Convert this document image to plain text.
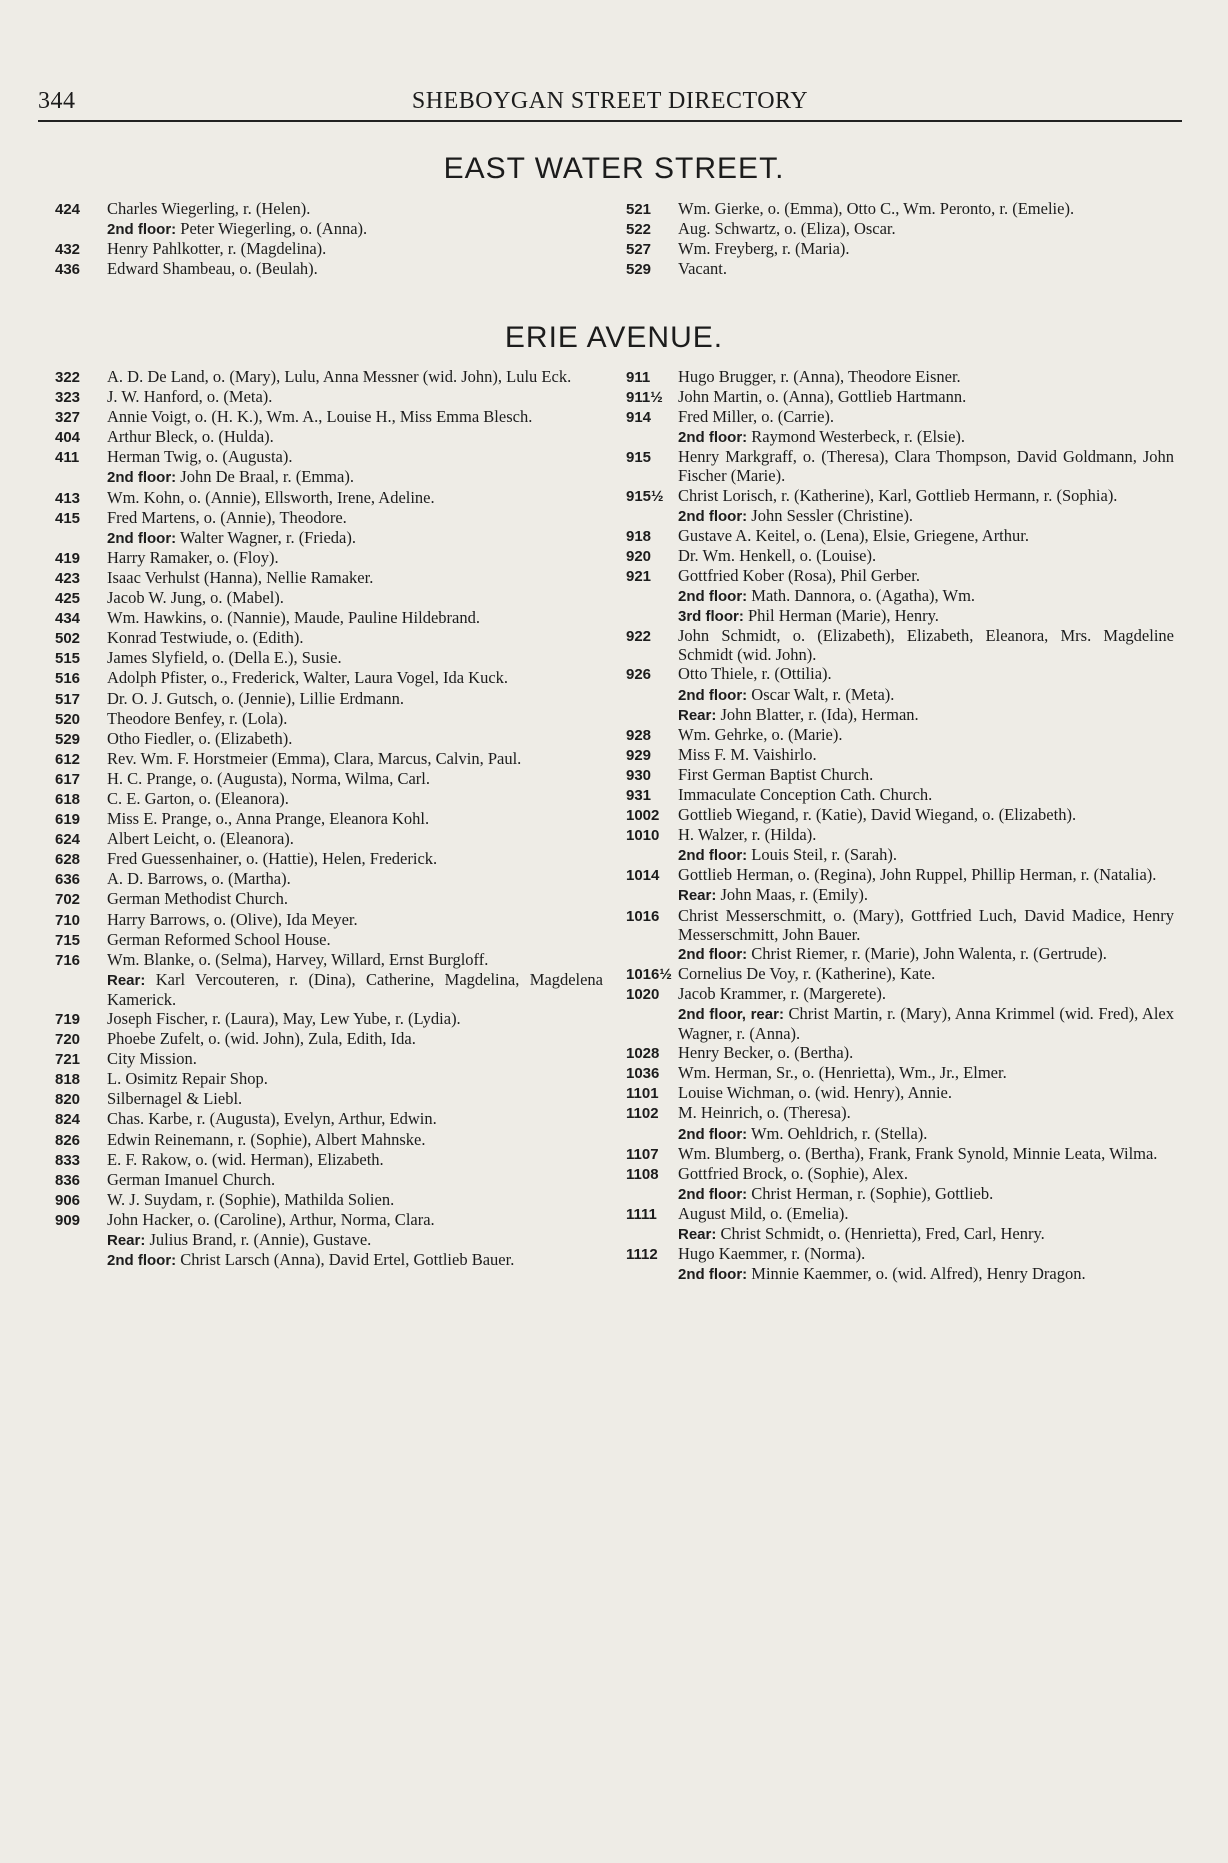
344	SHEBOYGAN STREET DIRECTORY
EAST WATER STREET.
424	Charles Wiegerling, r. (Helen).
2nd floor: Peter Wiegerling, o. (Anna).
432	Henry Pahlkotter, r. (Magdelina).
436	Edward Shambeau, o. (Beulah).
521	Wm. Gierke, o. (Emma), Otto C., Wm. Peronto, r. (Emelie).
522	Aug. Schwartz, o. (Eliza), Oscar.
527	Wm. Freyberg, r. (Maria).
529	Vacant.
ERIE AVENUE.
322	A. D. De Land, o. (Mary), Lulu, Anna Messner (wid. John), Lulu Eck.
323	J. W. Hanford, o. (Meta).
327	Annie Voigt, o. (H. K.), Wm. A., Louise H., Miss Emma Blesch.
404	Arthur Bleck, o. (Hulda).
411	Herman Twig, o. (Augusta).
2nd floor: John De Braal, r. (Emma).
413	Wm. Kohn, o. (Annie), Ellsworth, Irene, Adeline.
415	Fred Martens, o. (Annie), Theodore.
2nd floor: Walter Wagner, r. (Frieda).
419	Harry Ramaker, o. (Floy).
423	Isaac Verhulst (Hanna), Nellie Ramaker.
425	Jacob W. Jung, o. (Mabel).
434	Wm. Hawkins, o. (Nannie), Maude, Pauline Hildebrand.
502	Konrad Testwiude, o. (Edith).
515	James Slyfield, o. (Della E.), Susie.
516	Adolph Pfister, o., Frederick, Walter, Laura Vogel, Ida Kuck.
517	Dr. O. J. Gutsch, o. (Jennie), Lillie Erdmann.
520	Theodore Benfey, r. (Lola).
529	Otho Fiedler, o. (Elizabeth).
612	Rev. Wm. F. Horstmeier (Emma), Clara, Marcus, Calvin, Paul.
617	H. C. Prange, o. (Augusta), Norma, Wilma, Carl.
618	C. E. Garton, o. (Eleanora).
619	Miss E. Prange, o., Anna Prange, Eleanora Kohl.
624	Albert Leicht, o. (Eleanora).
628	Fred Guessenhainer, o. (Hattie), Helen, Frederick.
636	A. D. Barrows, o. (Martha).
702	German Methodist Church.
710	Harry Barrows, o. (Olive), Ida Meyer.
715	German Reformed School House.
716	Wm. Blanke, o. (Selma), Harvey, Willard, Ernst Burgloff.
Rear: Karl Vercouteren, r. (Dina), Catherine, Magdelina, Magdelena Kamerick.
719	Joseph Fischer, r. (Laura), May, Lew Yube, r. (Lydia).
720	Phoebe Zufelt, o. (wid. John), Zula, Edith, Ida.
721	City Mission.
818	L. Osimitz Repair Shop.
820	Silbernagel & Liebl.
824	Chas. Karbe, r. (Augusta), Evelyn, Arthur, Edwin.
826	Edwin Reinemann, r. (Sophie), Albert Mahnske.
833	E. F. Rakow, o. (wid. Herman), Elizabeth.
836	German Imanuel Church.
906	W. J. Suydam, r. (Sophie), Mathilda Solien.
909	John Hacker, o. (Caroline), Arthur, Norma, Clara.
Rear: Julius Brand, r. (Annie), Gustave.
2nd floor: Christ Larsch (Anna), David Ertel, Gottlieb Bauer.
911	Hugo Brugger, r. (Anna), Theodore Eisner.
911½ John Martin, o. (Anna), Gottlieb Hartmann.
914	Fred Miller, o. (Carrie).
2nd floor: Raymond Westerbeck, r. (Elsie).
915	Henry Markgraff, o. (Theresa), Clara Thompson, David Goldmann, John Fischer (Marie).
915½ Christ Lorisch, r. (Katherine), Karl, Gottlieb Hermann, r. (Sophia).
2nd floor: John Sessler (Christine).
918	Gustave A. Keitel, o. (Lena), Elsie, Griegene, Arthur.
920	Dr. Wm. Henkell, o. (Louise).
921	Gottfried Kober (Rosa), Phil Gerber.
2nd floor: Math. Dannora, o. (Agatha), Wm.
3rd floor: Phil Herman (Marie), Henry.
922	John Schmidt, o. (Elizabeth), Elizabeth, Eleanora, Mrs. Magdeline Schmidt (wid. John).
926	Otto Thiele, r. (Ottilia).
2nd floor: Oscar Walt, r. (Meta).
Rear: John Blatter, r. (Ida), Herman.
928	Wm. Gehrke, o. (Marie).
929	Miss F. M. Vaishirlo.
930	First German Baptist Church.
931	Immaculate Conception Cath. Church.
1002	Gottlieb Wiegand, r. (Katie), David Wiegand, o. (Elizabeth).
1010	H. Walzer, r. (Hilda).
2nd floor: Louis Steil, r. (Sarah).
1014	Gottlieb Herman, o. (Regina), John Ruppel, Phillip Herman, r. (Natalia).
Rear: John Maas, r. (Emily).
1016	Christ Messerschmitt, o. (Mary), Gottfried Luch, David Madice, Henry Messerschmitt, John Bauer.
2nd floor: Christ Riemer, r. (Marie), John Walenta, r. (Gertrude).
1016½ Cornelius De Voy, r. (Katherine), Kate.
1020	Jacob Krammer, r. (Margerete).
2nd floor, rear: Christ Martin, r. (Mary), Anna Krimmel (wid. Fred), Alex Wagner, r. (Anna).
1028	Henry Becker, o. (Bertha).
1036	Wm. Herman, Sr., o. (Henrietta), Wm., Jr., Elmer.
1101	Louise Wichman, o. (wid. Henry), Annie.
1102	M. Heinrich, o. (Theresa).
2nd floor: Wm. Oehldrich, r. (Stella).
1107	Wm. Blumberg, o. (Bertha), Frank, Frank Synold, Minnie Leata, Wilma.
1108	Gottfried Brock, o. (Sophie), Alex.
2nd floor: Christ Herman, r. (Sophie), Gottlieb.
1111	August Mild, o. (Emelia).
Rear: Christ Schmidt, o. (Henrietta), Fred, Carl, Henry.
1112	Hugo Kaemmer, r. (Norma).
2nd floor: Minnie Kaemmer, o. (wid. Alfred), Henry Dragon.
